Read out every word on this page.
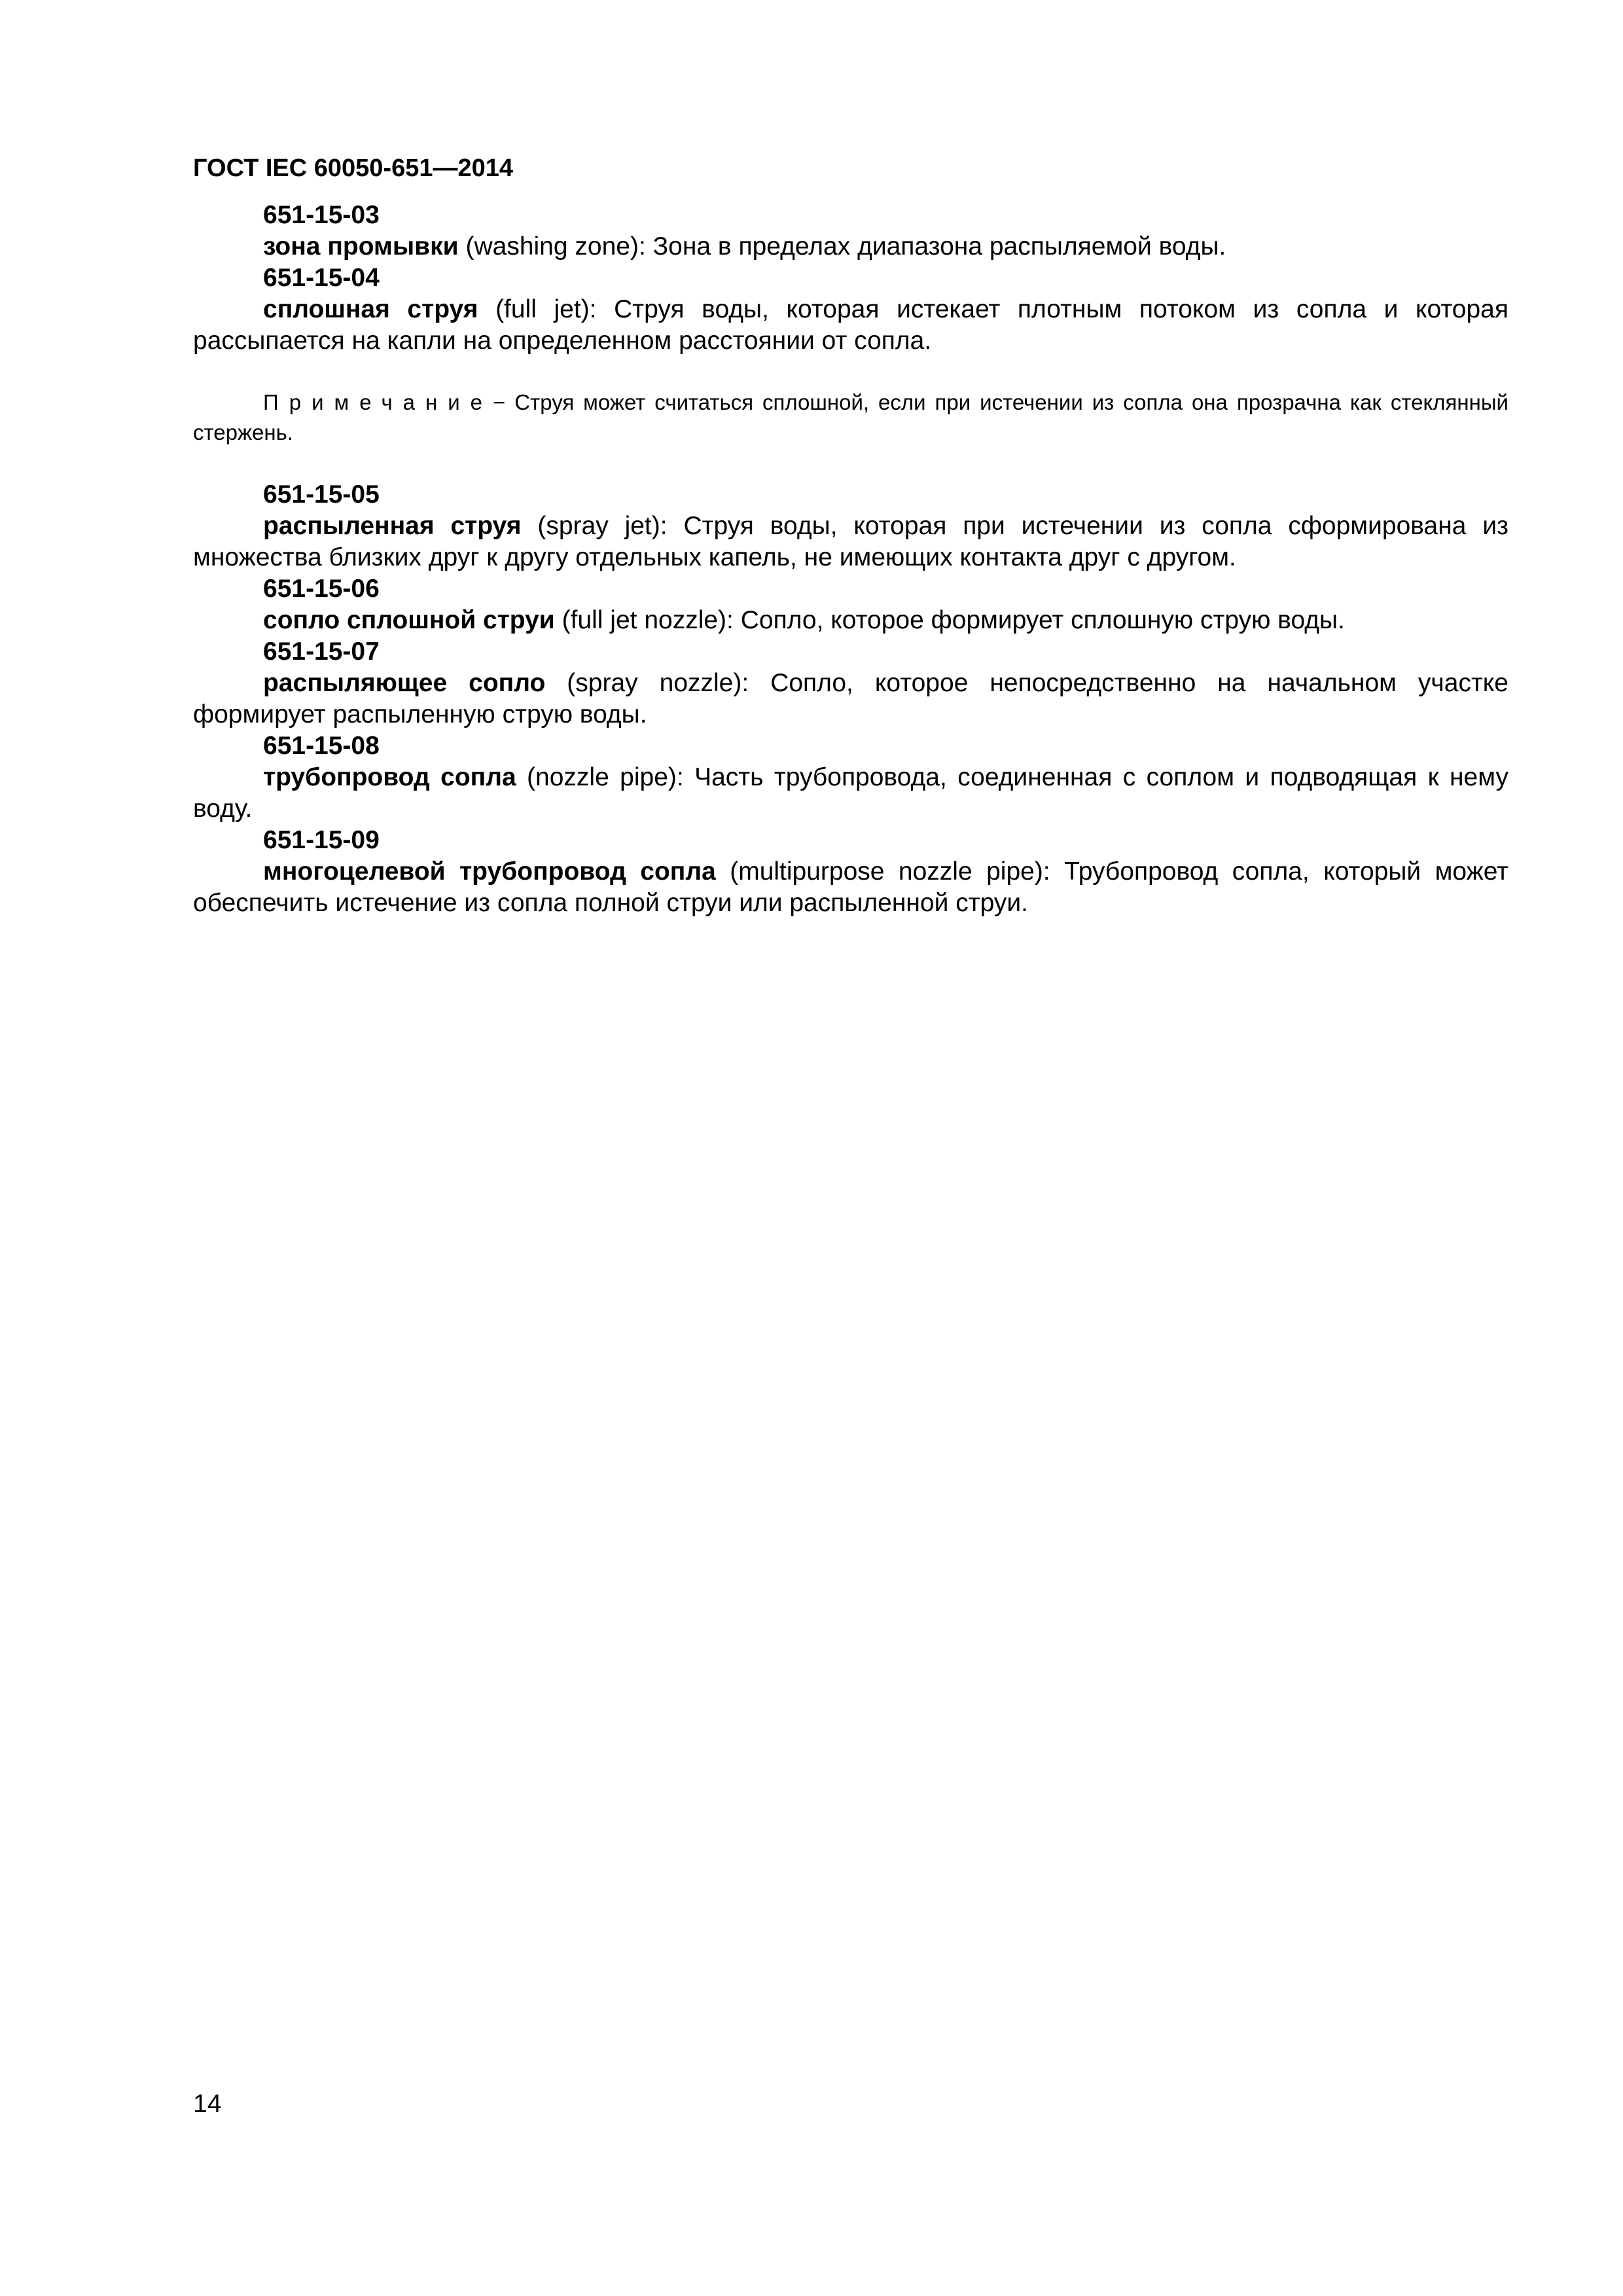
ГОСТ IEC 60050-651—2014

651-15-03

зона промывки (washing zone): Зона в пределах диапазона распыляемой воды.

651-15-04

сплошная струя (full jet): Струя воды, которая истекает плотным потоком из сопла и которая рассыпается на капли на определенном расстоянии от сопла.

Примечание− Струя может считаться сплошной, если при истечении из сопла она прозрачна как стеклянный стержень.

651-15-05

распыленная струя (spray jet): Струя воды, которая при истечении из сопла сформирована из множества близких друг к другу отдельных капель, не имеющих контакта друг с другом.

651-15-06

сопло сплошной струи (full jet nozzle): Сопло, которое формирует сплошную струю воды.

651-15-07

распыляющее сопло (spray nozzle): Сопло, которое непосредственно на начальном участке формирует распыленную струю воды.

651-15-08

трубопровод сопла (nozzle pipe): Часть трубопровода, соединенная с соплом и подводящая к нему воду.

651-15-09

многоцелевой трубопровод сопла (multipurpose nozzle pipe): Трубопровод сопла, который может обеспечить истечение из сопла полной струи или распыленной струи.

14
